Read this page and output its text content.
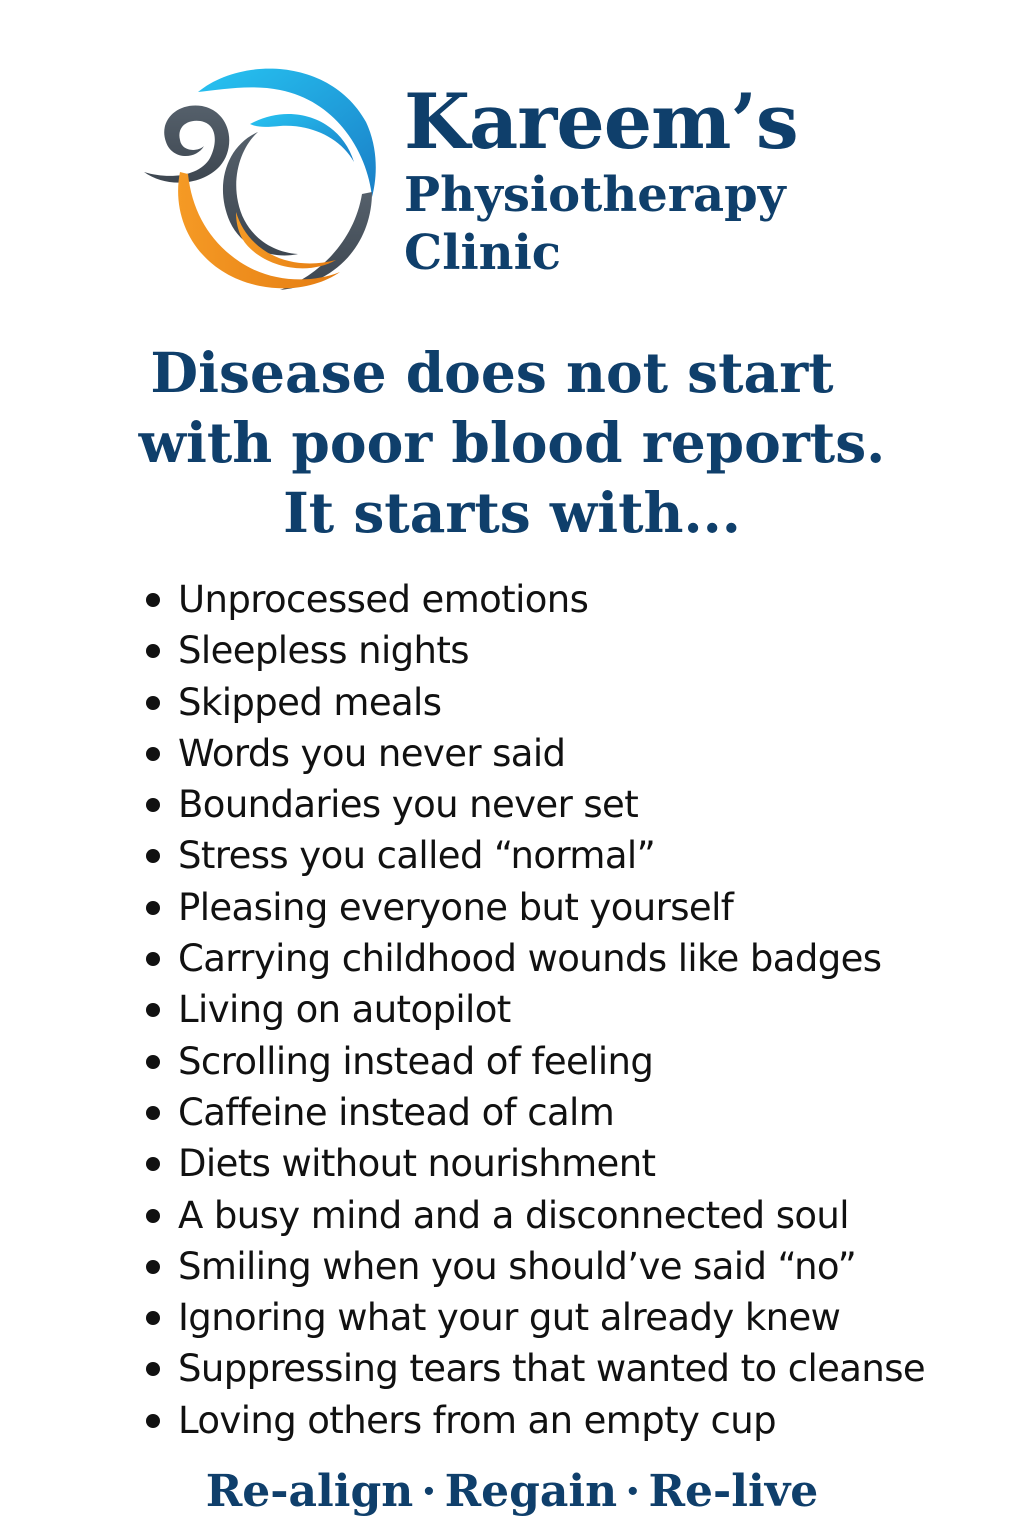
Kareem’s
Physiotherapy
Clinic
Disease does not start
with poor blood reports.
It starts with...
Unprocessed emotions
Sleepless nights
Skipped meals
Words you never said
Boundaries you never set
Stress you called “normal”
Pleasing everyone but yourself
Carrying childhood wounds like badges
Living on autopilot
Scrolling instead of feeling
Caffeine instead of calm
Diets without nourishment
A busy mind and a disconnected soul
Smiling when you should’ve said “no”
Ignoring what your gut already knew
Suppressing tears that wanted to cleanse
Loving others from an empty cup
Re-align · Regain · Re-live
